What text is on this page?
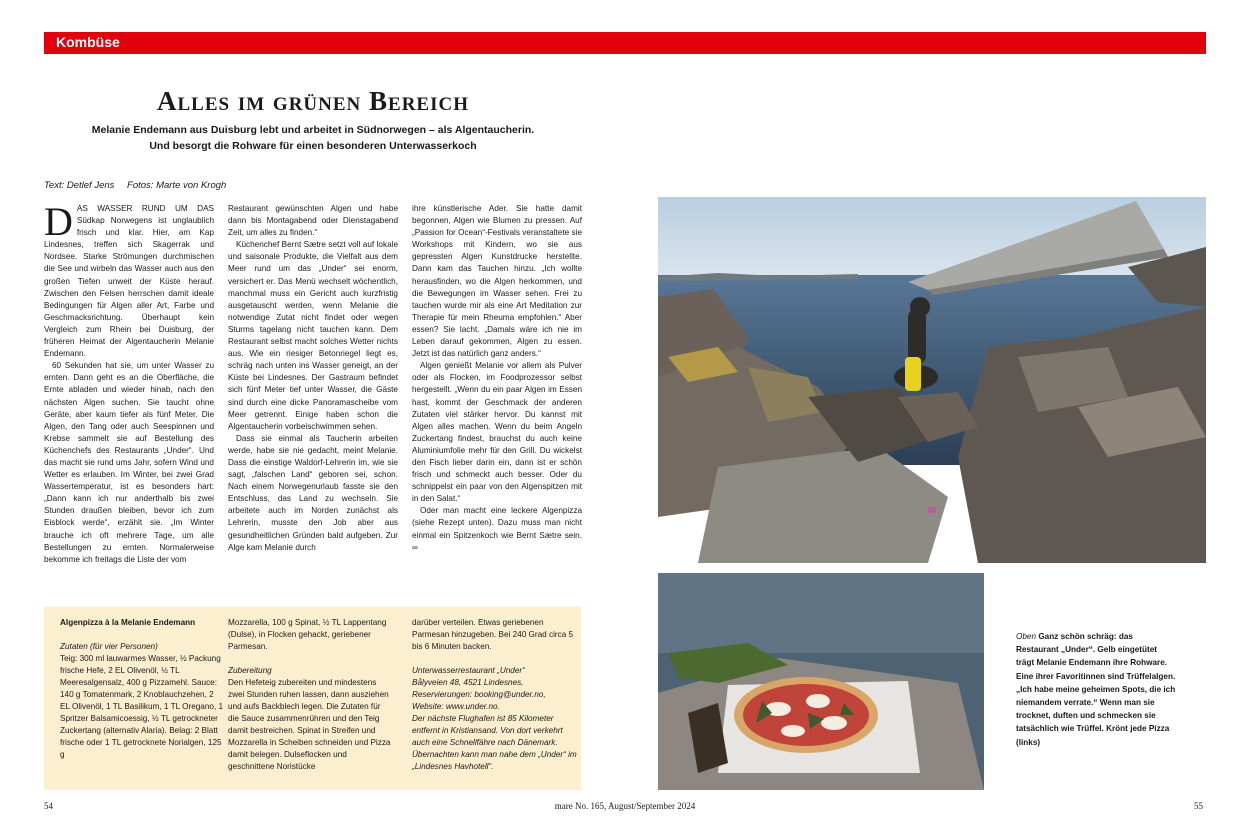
Kombüse
Alles im grünen Bereich
Melanie Endemann aus Duisburg lebt und arbeitet in Südnorwegen – als Algentaucherin.
Und besorgt die Rohware für einen besonderen Unterwasserkoch
Text: Detlef Jens Fotos: Marte von Krogh

DAS WASSER RUND UM DAS Südkap Norwegens ist unglaublich frisch und klar. Hier, am Kap Lindesnes, treffen sich Skagerrak und Nordsee. Starke Strömungen durchmischen die See und wirbeln das Wasser auch aus den großen Tiefen unweit der Küste herauf. Zwischen den Felsen herrschen damit ideale Bedingungen für Algen aller Art, Farbe und Geschmacksrichtung. Überhaupt kein Vergleich zum Rhein bei Duisburg, der früheren Heimat der Algentaucherin Melanie Endemann.

60 Sekunden hat sie, um unter Wasser zu ernten. Dann geht es an die Oberfläche, die Ernte abladen und wieder hinab, nach den nächsten Algen suchen. Sie taucht ohne Geräte, aber kaum tiefer als fünf Meter. Die Algen, den Tang oder auch Seespinnen und Krebse sammelt sie auf Bestellung des Küchenchefs des Restaurants „Under“. Und das macht sie rund ums Jahr, sofern Wind und Wetter es erlauben. Im Winter, bei zwei Grad Wassertemperatur, ist es besonders hart: „Dann kann ich nur anderthalb bis zwei Stunden draußen bleiben, bevor ich zum Eisblock werde“, erzählt sie. „Im Winter brauche ich oft mehrere Tage, um alle Bestellungen zu ernten. Normalerweise bekomme ich freitags die Liste der vom

Restaurant gewünschten Algen und habe dann bis Montagabend oder Dienstagabend Zeit, um alles zu finden.“

Küchenchef Bernt Sætre setzt voll auf lokale und saisonale Produkte, die Vielfalt aus dem Meer rund um das „Under“ sei enorm, versichert er. Das Menü wechselt wöchentlich, manchmal muss ein Gericht auch kurzfristig ausgetauscht werden, wenn Melanie die notwendige Zutat nicht findet oder wegen Sturms tagelang nicht tauchen kann. Dem Restaurant selbst macht solches Wetter nichts aus. Wie ein riesiger Betonriegel liegt es, schräg nach unten ins Wasser geneigt, an der Küste bei Lindesnes. Der Gastraum befindet sich fünf Meter tief unter Wasser, die Gäste sind durch eine dicke Panoramascheibe vom Meer getrennt. Einige haben schon die Algentaucherin vorbeischwimmen sehen.

Dass sie einmal als Taucherin arbeiten werde, habe sie nie gedacht, meint Melanie. Dass die einstige Waldorf-Lehrerin im, wie sie sagt, „falschen Land“ geboren sei, schon. Nach einem Norwegenurlaub fasste sie den Entschluss, das Land zu wechseln. Sie arbeitete auch im Norden zunächst als Lehrerin, musste den Job aber aus gesundheitlichen Gründen bald aufgeben. Zur Alge kam Melanie durch

ihre künstlerische Ader. Sie hatte damit begonnen, Algen wie Blumen zu pressen. Auf „Passion for Ocean“-Festivals veranstaltete sie Workshops mit Kindern, wo sie aus gepressten Algen Kunstdrucke herstellte. Dann kam das Tauchen hinzu. „Ich wollte herausfinden, wo die Algen herkommen, und die Bewegungen im Wasser sehen. Frei zu tauchen wurde mir als eine Art Meditation zur Therapie für mein Rheuma empfohlen.“ Aber essen? Sie lacht. „Damals wäre ich nie im Leben darauf gekommen, Algen zu essen. Jetzt ist das natürlich ganz anders.“

Algen genießt Melanie vor allem als Pulver oder als Flocken, im Foodprozessor selbst hergestellt. „Wenn du ein paar Algen im Essen hast, kommt der Geschmack der anderen Zutaten viel stärker hervor. Du kannst mit Algen alles machen. Wenn du beim Angeln Zuckertang findest, brauchst du auch keine Aluminiumfolie mehr für den Grill. Du wickelst den Fisch lieber darin ein, dann ist er schön frisch und schmeckt auch besser. Oder du schnippelst ein paar von den Algenspitzen mit in den Salat.“

Oder man macht eine leckere Algenpizza (siehe Rezept unten). Dazu muss man nicht einmal ein Spitzenkoch wie Bernt Sætre sein. ∞

Algenpizza à la Melanie Endemann
Zutaten (für vier Personen)
Teig: 300 ml lauwarmes Wasser, ½ Packung frische Hefe, 2 EL Olivenöl, ½ TL Meeresalgensalz, 400 g Pizzamehl. Sauce: 140 g Tomatenmark, 2 Knoblauchzehen, 2 EL Olivenöl, 1 TL Basilikum, 1 TL Oregano, 1 Spritzer Balsamicoessig, ½ TL getrockneter Zuckertang (alternativ Alaria). Belag: 2 Blatt frische oder 1 TL getrocknete Norialgen, 125 g
Mozzarella, 100 g Spinat, ½ TL Lappentang (Dulse), in Flocken gehackt, geriebener Parmesan.
Zubereitung
Den Hefeteig zubereiten und mindestens zwei Stunden ruhen lassen, dann ausziehen und aufs Backblech legen. Die Zutaten für die Sauce zusammenrühren und den Teig damit bestreichen. Spinat in Streifen und Mozzarella in Scheiben schneiden und Pizza damit belegen. Dulseflocken und geschnittene Noristücke
darüber verteilen. Etwas geriebenen Parmesan hinzugeben. Bei 240 Grad circa 5 bis 6 Minuten backen.
Unterwasserrestaurant „Under“
Bålyveien 48, 4521 Lindesnes, Reservierungen: booking@under.no, Website: www.under.no.
Der nächste Flughafen ist 85 Kilometer entfernt in Kristiansand. Von dort verkehrt auch eine Schnellfähre nach Dänemark. Übernachten kann man nahe dem „Under“ im „Lindesnes Havhotell“.
Oben Ganz schön schräg: das Restaurant „Under“. Gelb eingetütet trägt Melanie Endemann ihre Rohware. Eine ihrer Favoritinnen sind Trüffelalgen. „Ich habe meine geheimen Spots, die ich niemandem verrate.“ Wenn man sie trocknet, duften und schmecken sie tatsächlich wie Trüffel. Krönt jede Pizza (links)
54	mare No. 165, August/September 2024	55
